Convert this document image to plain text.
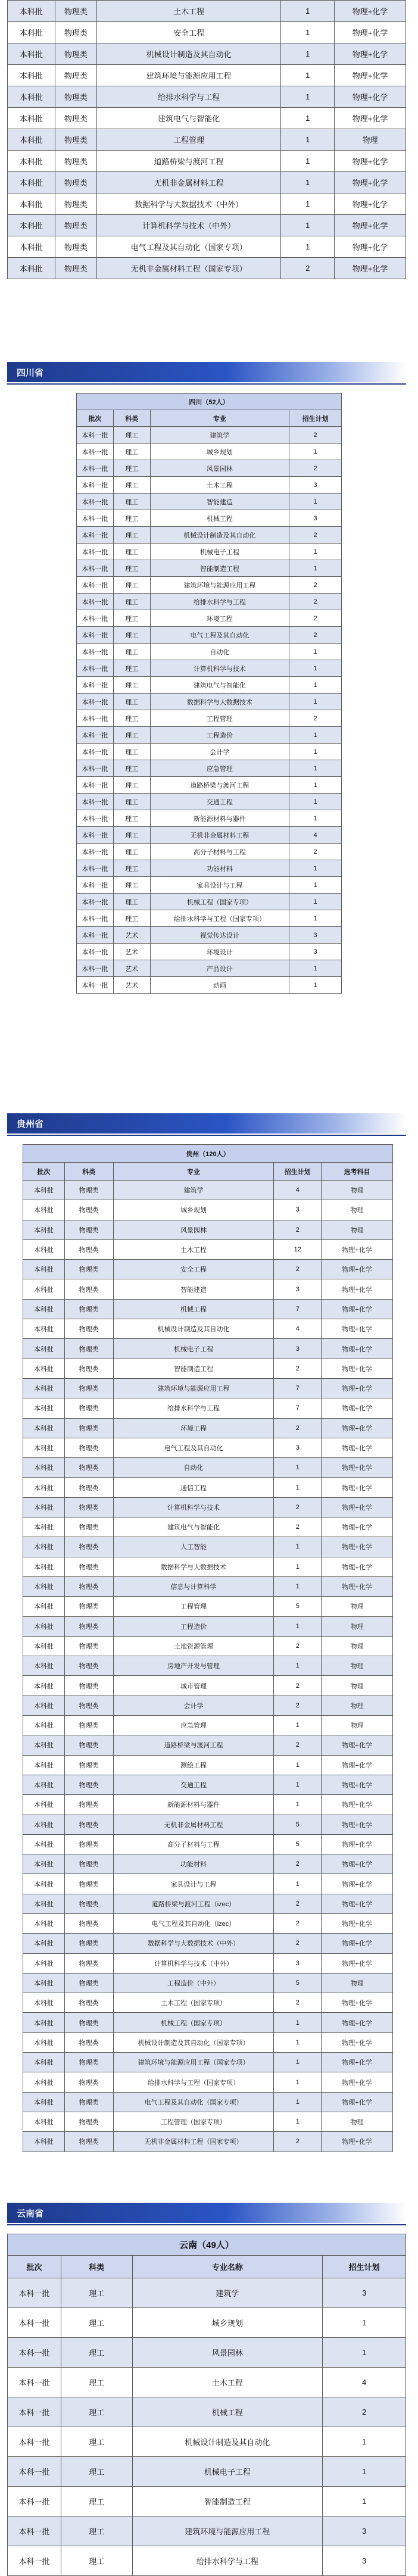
本科批	物理类	土木工程	1	物理+化学
本科批	物理类	安全工程	1	物理+化学
本科批	物理类	机械设计制造及其自动化	1	物理+化学
本科批	物理类	建筑环境与能源应用工程	1	物理+化学
本科批	物理类	给排水科学与工程	1	物理+化学
本科批	物理类	建筑电气与智能化	1	物理+化学
本科批	物理类	工程管理	1	物理
本科批	物理类	道路桥梁与渡河工程	1	物理+化学
本科批	物理类	无机非金属材料工程	1	物理+化学
本科批	物理类	数据科学与大数据技术（中外）	1	物理+化学
本科批	物理类	计算机科学与技术（中外）	1	物理+化学
本科批	物理类	电气工程及其自动化（国家专项）	1	物理+化学
本科批	物理类	无机非金属材料工程（国家专项）	2	物理+化学
四川省
四川（52人）			
批次	科类	专业	招生计划
本科一批	理工	建筑学	2
本科一批	理工	城乡规划	1
本科一批	理工	风景园林	2
本科一批	理工	土木工程	3
本科一批	理工	智能建造	1
本科一批	理工	机械工程	3
本科一批	理工	机械设计制造及其自动化	2
本科一批	理工	机械电子工程	1
本科一批	理工	智能制造工程	1
本科一批	理工	建筑环境与能源应用工程	2
本科一批	理工	给排水科学与工程	2
本科一批	理工	环境工程	2
本科一批	理工	电气工程及其自动化	2
本科一批	理工	自动化	1
本科一批	理工	计算机科学与技术	1
本科一批	理工	建筑电气与智能化	1
本科一批	理工	数据科学与大数据技术	1
本科一批	理工	工程管理	2
本科一批	理工	工程造价	1
本科一批	理工	会计学	1
本科一批	理工	应急管理	1
本科一批	理工	道路桥梁与渡河工程	1
本科一批	理工	交通工程	1
本科一批	理工	新能源材料与器件	1
本科一批	理工	无机非金属材料工程	4
本科一批	理工	高分子材料与工程	2
本科一批	理工	功能材料	1
本科一批	理工	家具设计与工程	1
本科一批	理工	机械工程（国家专项）	1
本科一批	理工	给排水科学与工程（国家专项）	1
本科一批	艺术	视觉传达设计	3
本科一批	艺术	环境设计	3
本科一批	艺术	产品设计	1
本科一批	艺术	动画	1
贵州省
贵州（120人）				
批次	科类	专业	招生计划	选考科目
本科批	物理类	建筑学	4	物理
本科批	物理类	城乡规划	3	物理
本科批	物理类	风景园林	2	物理
本科批	物理类	土木工程	12	物理+化学
本科批	物理类	安全工程	2	物理+化学
本科批	物理类	智能建造	3	物理+化学
本科批	物理类	机械工程	7	物理+化学
本科批	物理类	机械设计制造及其自动化	4	物理+化学
本科批	物理类	机械电子工程	3	物理+化学
本科批	物理类	智能制造工程	2	物理+化学
本科批	物理类	建筑环境与能源应用工程	7	物理+化学
本科批	物理类	给排水科学与工程	7	物理+化学
本科批	物理类	环境工程	2	物理+化学
本科批	物理类	电气工程及其自动化	3	物理+化学
本科批	物理类	自动化	1	物理+化学
本科批	物理类	通信工程	1	物理+化学
本科批	物理类	计算机科学与技术	2	物理+化学
本科批	物理类	建筑电气与智能化	2	物理+化学
本科批	物理类	人工智能	1	物理+化学
本科批	物理类	数据科学与大数据技术	1	物理+化学
本科批	物理类	信息与计算科学	1	物理+化学
本科批	物理类	工程管理	5	物理
本科批	物理类	工程造价	1	物理
本科批	物理类	土地资源管理	2	物理
本科批	物理类	房地产开发与管理	1	物理
本科批	物理类	城市管理	2	物理
本科批	物理类	会计学	2	物理
本科批	物理类	应急管理	1	物理
本科批	物理类	道路桥梁与渡河工程	2	物理+化学
本科批	物理类	测绘工程	1	物理+化学
本科批	物理类	交通工程	1	物理+化学
本科批	物理类	新能源材料与器件	1	物理+化学
本科批	物理类	无机非金属材料工程	5	物理+化学
本科批	物理类	高分子材料与工程	5	物理+化学
本科批	物理类	功能材料	2	物理+化学
本科批	物理类	家具设计与工程	1	物理+化学
本科批	物理类	道路桥梁与渡河工程（izec）	2	物理+化学
本科批	物理类	电气工程及其自动化（izec）	2	物理+化学
本科批	物理类	数据科学与大数据技术（中外）	2	物理+化学
本科批	物理类	计算机科学与技术（中外）	3	物理+化学
本科批	物理类	工程造价（中外）	5	物理
本科批	物理类	土木工程（国家专项）	2	物理+化学
本科批	物理类	机械工程（国家专项）	1	物理+化学
本科批	物理类	机械设计制造及其自动化（国家专项）	1	物理+化学
本科批	物理类	建筑环境与能源应用工程（国家专项）	1	物理+化学
本科批	物理类	给排水科学与工程（国家专项）	1	物理+化学
本科批	物理类	电气工程及其自动化（国家专项）	1	物理+化学
本科批	物理类	工程管理（国家专项）	1	物理
本科批	物理类	无机非金属材料工程（国家专项）	2	物理+化学
云南省
云南（49人）			
批次	科类	专业名称	招生计划
本科一批	理工	建筑学	3
本科一批	理工	城乡规划	1
本科一批	理工	风景园林	1
本科一批	理工	土木工程	4
本科一批	理工	机械工程	2
本科一批	理工	机械设计制造及其自动化	1
本科一批	理工	机械电子工程	1
本科一批	理工	智能制造工程	1
本科一批	理工	建筑环境与能源应用工程	3
本科一批	理工	给排水科学与工程	3
